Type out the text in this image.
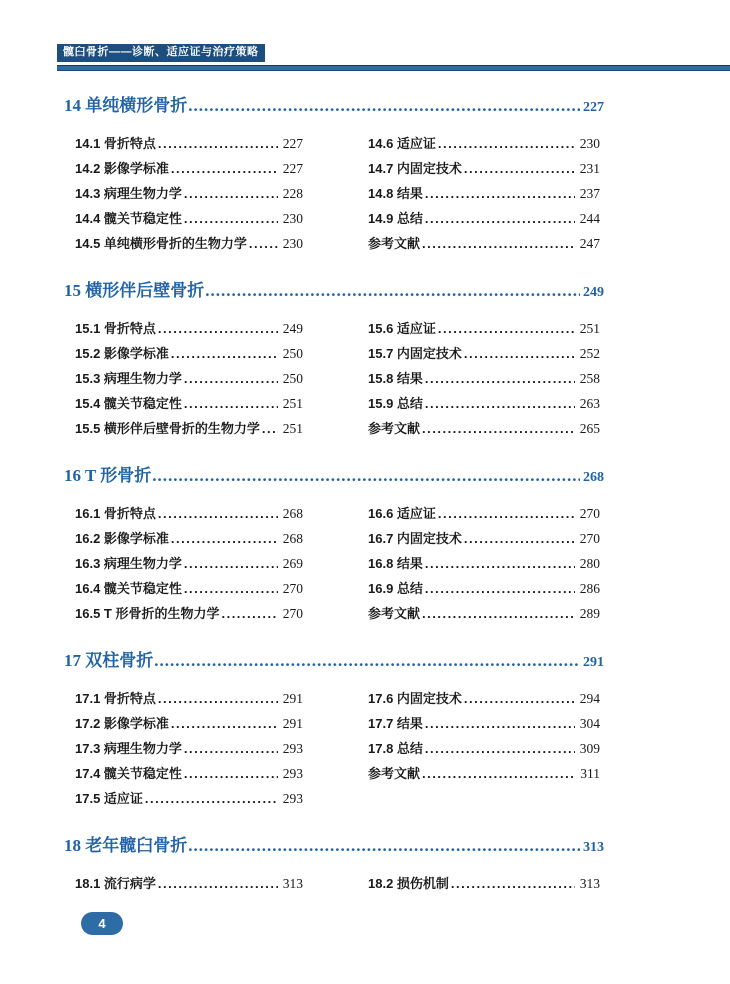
髋臼骨折——诊断、适应证与治疗策略
14 单纯横形骨折 .....	227
14.1 骨折特点 .....	227
14.2 影像学标准 .....	227
14.3 病理生物力学 .....	228
14.4 髋关节稳定性 .....	230
14.5 单纯横形骨折的生物力学 .....	230
14.6 适应证 .....	230
14.7 内固定技术 .....	231
14.8 结果 .....	237
14.9 总结 .....	244
参考文献 .....	247
15 横形伴后壁骨折 .....	249
15.1 骨折特点 .....	249
15.2 影像学标准 .....	250
15.3 病理生物力学 .....	250
15.4 髋关节稳定性 .....	251
15.5 横形伴后壁骨折的生物力学 ..... 251
15.6 适应证 .....	251
15.7 内固定技术 .....	252
15.8 结果 .....	258
15.9 总结 .....	263
参考文献 .....	265
16 T 形骨折 .....	268
16.1 骨折特点 .....	268
16.2 影像学标准 .....	268
16.3 病理生物力学 .....	269
16.4 髋关节稳定性 .....	270
16.5 T 形骨折的生物力学 .....	270
16.6 适应证 .....	270
16.7 内固定技术 .....	270
16.8 结果 .....	280
16.9 总结 .....	286
参考文献 .....	289
17 双柱骨折 .....	291
17.1 骨折特点 .....	291
17.2 影像学标准 .....	291
17.3 病理生物力学 .....	293
17.4 髋关节稳定性 .....	293
17.5 适应证 .....	293
17.6 内固定技术 .....	294
17.7 结果 .....	304
17.8 总结 .....	309
参考文献 .....	311
18 老年髋臼骨折 .....	313
18.1 流行病学 .....	313	18.2 损伤机制 .....	313
4
